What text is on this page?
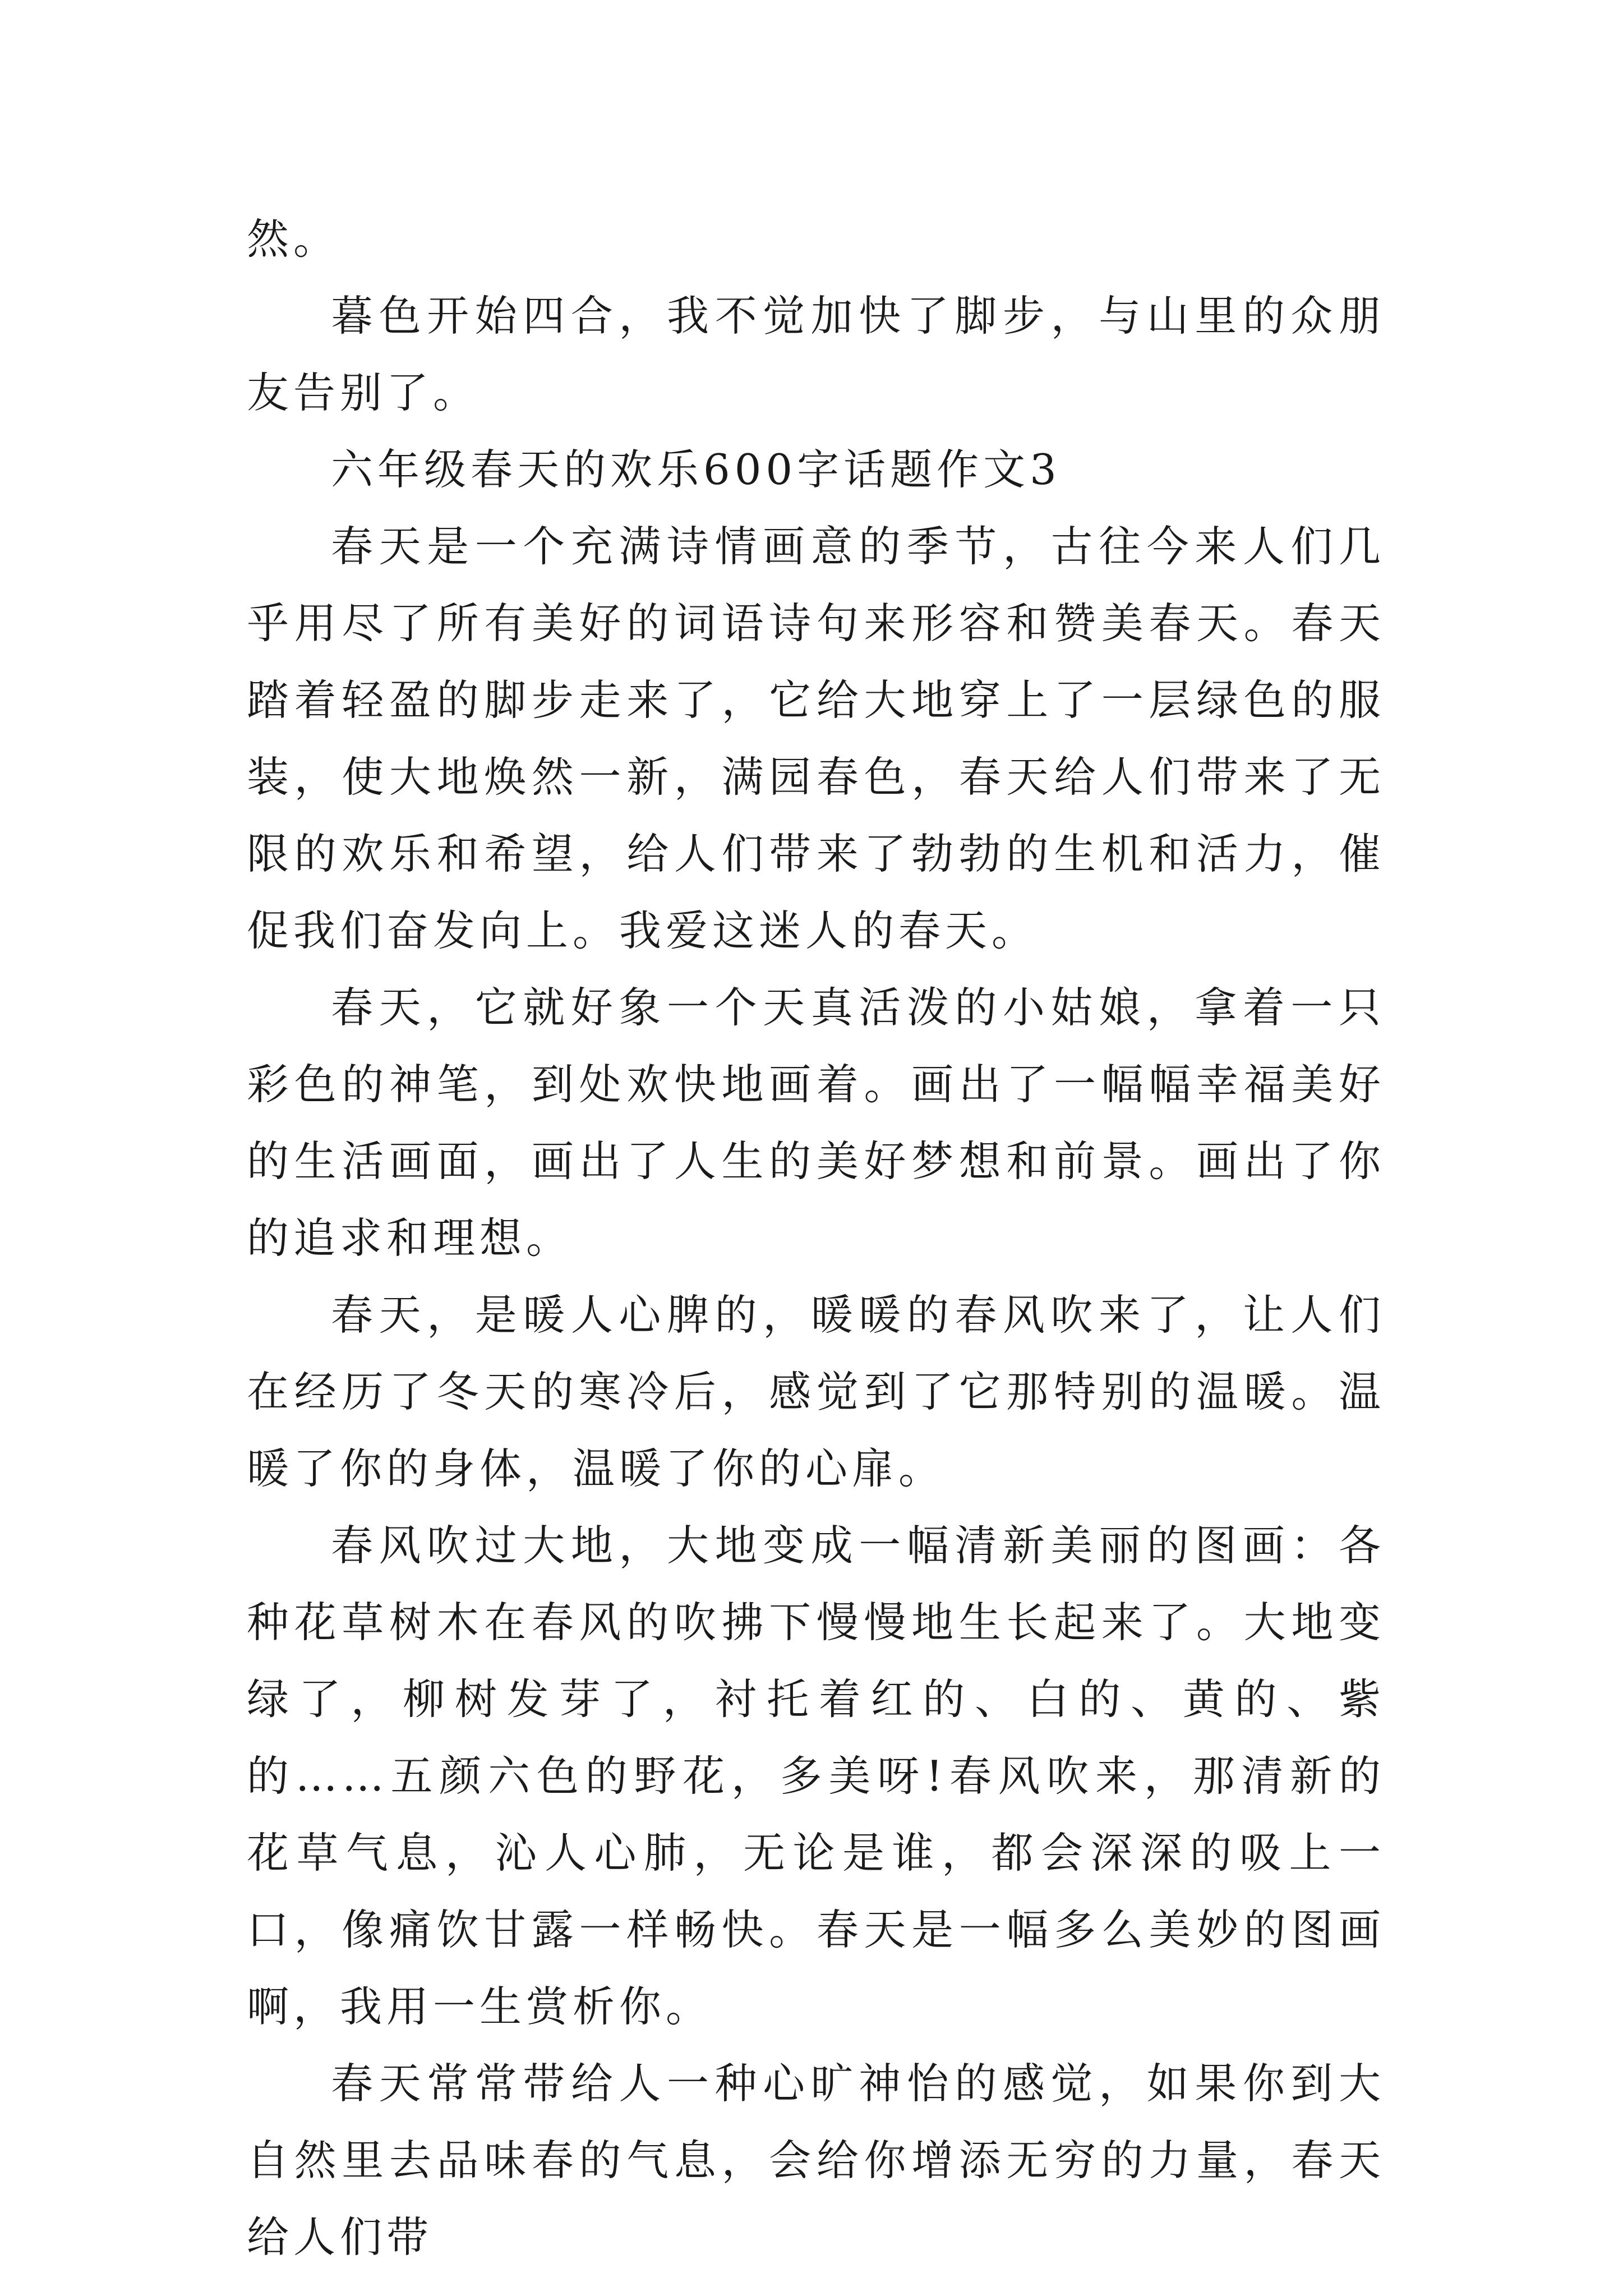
然。

暮色开始四合，我不觉加快了脚步，与山里的众朋友告别了。

六年级春天的欢乐600字话题作文3

春天是一个充满诗情画意的季节，古往今来人们几乎用尽了所有美好的词语诗句来形容和赞美春天。春天踏着轻盈的脚步走来了，它给大地穿上了一层绿色的服装，使大地焕然一新，满园春色，春天给人们带来了无限的欢乐和希望，给人们带来了勃勃的生机和活力，催促我们奋发向上。我爱这迷人的春天。

春天，它就好象一个天真活泼的小姑娘，拿着一只彩色的神笔，到处欢快地画着。画出了一幅幅幸福美好的生活画面，画出了人生的美好梦想和前景。画出了你的追求和理想。

春天，是暖人心脾的，暖暖的春风吹来了，让人们在经历了冬天的寒冷后，感觉到了它那特别的温暖。温暖了你的身体，温暖了你的心扉。

春风吹过大地，大地变成一幅清新美丽的图画：各种花草树木在春风的吹拂下慢慢地生长起来了。大地变绿了，柳树发芽了，衬托着红的、白的、黄的、紫的……五颜六色的野花，多美呀!春风吹来，那清新的花草气息，沁人心肺，无论是谁，都会深深的吸上一口，像痛饮甘露一样畅快。春天是一幅多么美妙的图画啊，我用一生赏析你。

春天常常带给人一种心旷神怡的感觉，如果你到大自然里去品味春的气息，会给你增添无穷的力量，春天给人们带
